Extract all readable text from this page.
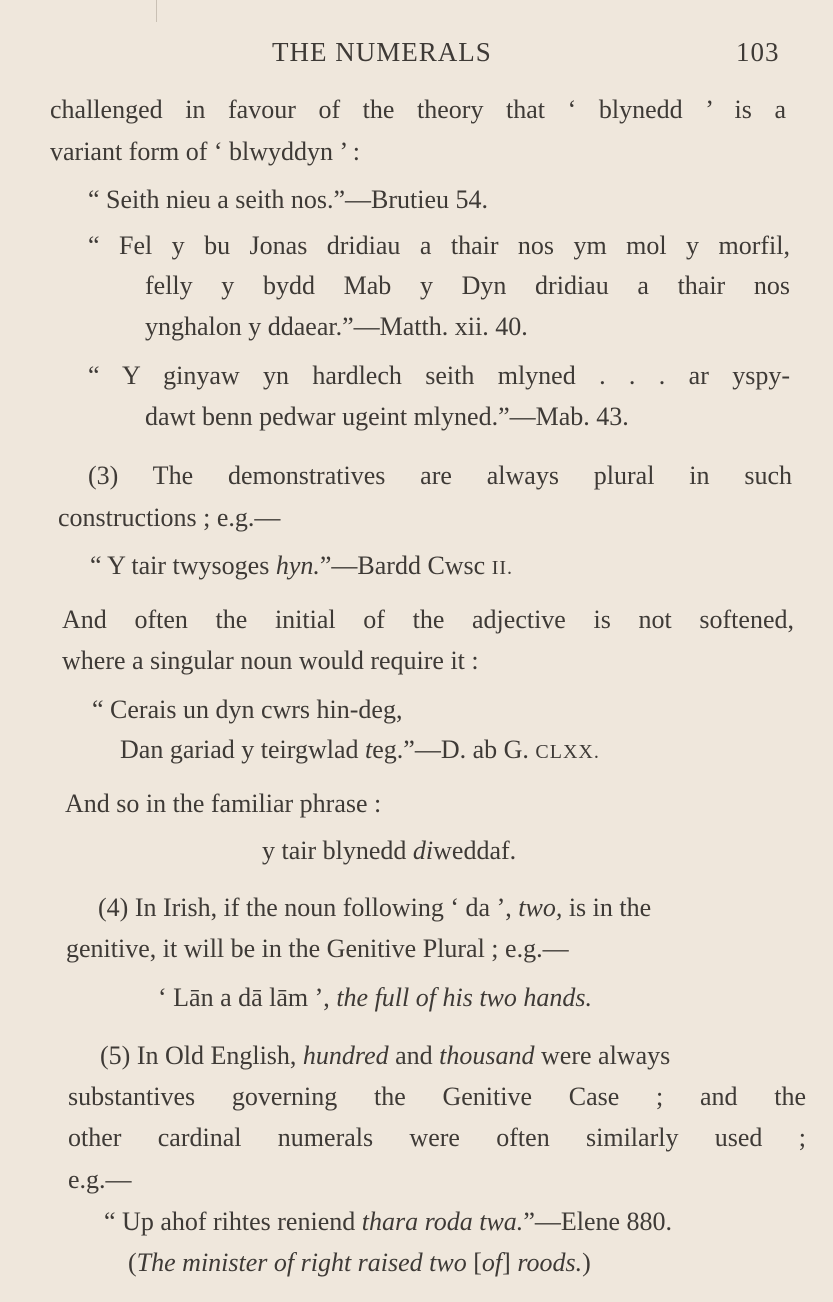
THE NUMERALS	103
challenged in favour of the theory that ‘ blynedd ’ is a
variant form of ‘ blwyddyn ’ :
“ Seith nieu a seith nos.”—Brutieu 54.
“ Fel y bu Jonas dridiau a thair nos ym mol y morfil,
felly y bydd Mab y Dyn dridiau a thair nos
ynghalon y ddaear.”—Matth. xii. 40.
“ Y ginyaw yn hardlech seith mlyned . . . ar yspy-
dawt benn pedwar ugeint mlyned.”—Mab. 43.
(3) The demonstratives are always plural in such
constructions ; e.g.—
“ Y tair twysoges hyn.”—Bardd Cwsc II.
And often the initial of the adjective is not softened,
where a singular noun would require it :
“ Cerais un dyn cwrs hin-deg,
Dan gariad y teirgwlad teg.”—D. ab G. CLXX.
And so in the familiar phrase :
y tair blynedd diweddaf.
(4) In Irish, if the noun following ‘ da ’, two, is in the
genitive, it will be in the Genitive Plural ; e.g.—
‘ Lān a dā lām ’, the full of his two hands.
(5) In Old English, hundred and thousand were always
substantives governing the Genitive Case ; and the
other cardinal numerals were often similarly used ;
e.g.—
“ Up ahof rihtes reniend thara roda twa.”—Elene 880.
(The minister of right raised two [of] roods.)
